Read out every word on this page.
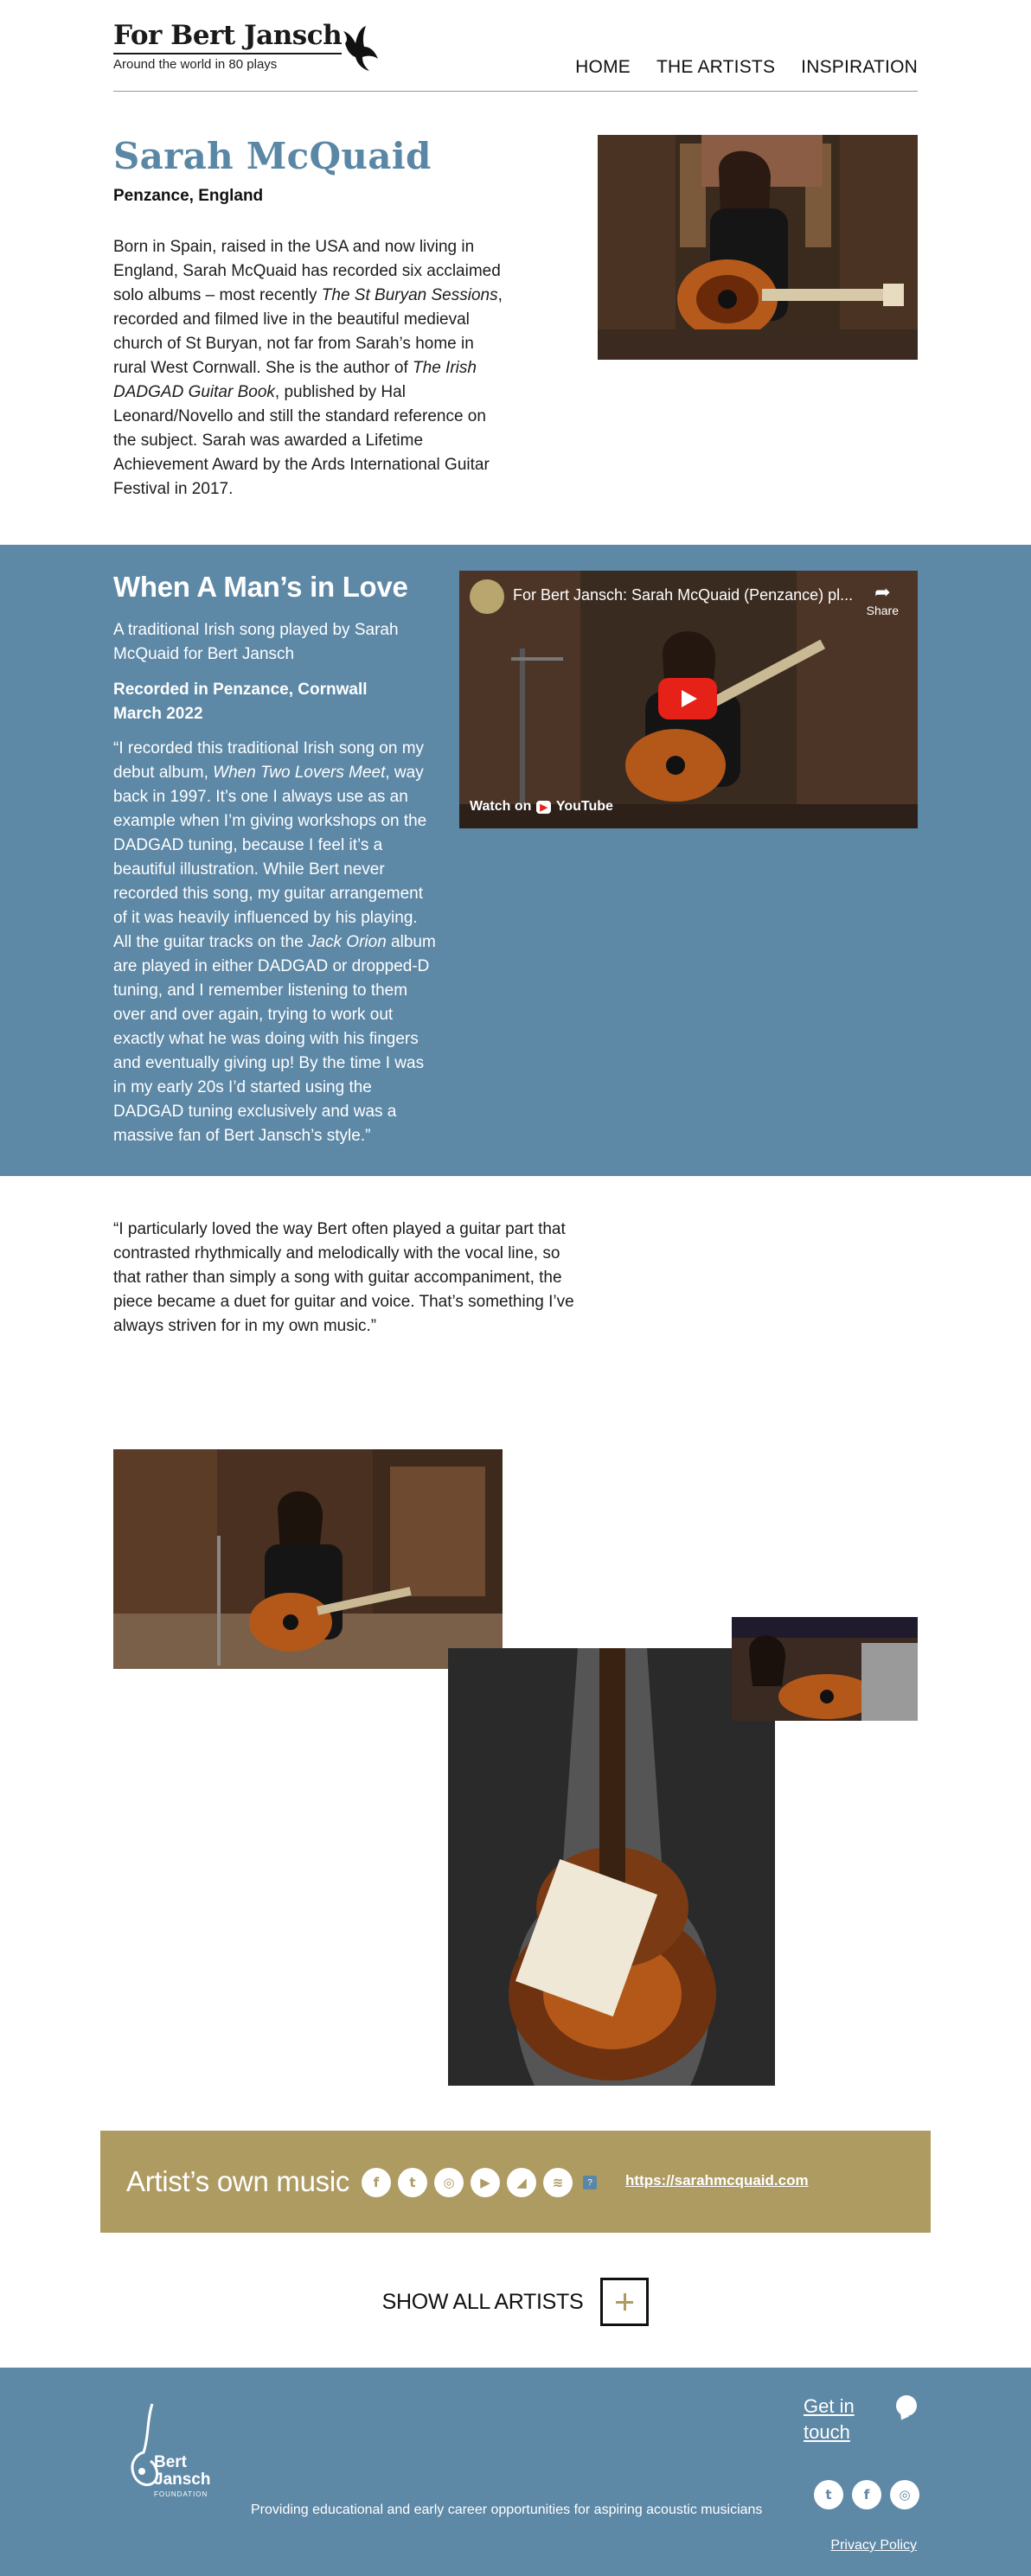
For Bert Jansch
Around the world in 80 plays	HOME THE ARTISTS INSPIRATION
Sarah McQuaid
Penzance, England

Born in Spain, raised in the USA and now living in England, Sarah McQuaid has recorded six acclaimed solo albums – most recently The St Buryan Sessions, recorded and filmed live in the beautiful medieval church of St Buryan, not far from Sarah’s home in rural West Cornwall. She is the author of The Irish DADGAD Guitar Book, published by Hal Leonard/Novello and still the standard reference on the subject. Sarah was awarded a Lifetime Achievement Award by the Ards International Guitar Festival in 2017.

When A Man’s in Love

A traditional Irish song played by Sarah McQuaid for Bert Jansch

Recorded in Penzance, Cornwall
March 2022

“I recorded this traditional Irish song on my debut album, When Two Lovers Meet, way back in 1997. It’s one I always use as an example when I’m giving workshops on the DADGAD tuning, because I feel it’s a beautiful illustration. While Bert never recorded this song, my guitar arrangement of it was heavily influenced by his playing. All the guitar tracks on the Jack Orion album are played in either DADGAD or dropped-D tuning, and I remember listening to them over and over again, trying to work out exactly what he was doing with his fingers and eventually giving up! By the time I was in my early 20s I’d started using the DADGAD tuning exclusively and was a massive fan of Bert Jansch’s style.”

For Bert Jansch: Sarah McQuaid (Penzance) pl...	➦
Share
Watch on ▶ YouTube

“I particularly loved the way Bert often played a guitar part that contrasted rhythmically and melodically with the vocal line, so that rather than simply a song with guitar accompaniment, the piece became a duet for guitar and voice. That’s something I’ve always striven for in my own music.”

Artist’s own music	f	t	◎	▶	◢	≋	?	https://sarahmcquaid.com
SHOW ALL ARTISTS
Bert
Jansch
FOUNDATION
Providing educational and early career opportunities for aspiring acoustic musicians
Get in touch
t	f	◎
Privacy Policy
